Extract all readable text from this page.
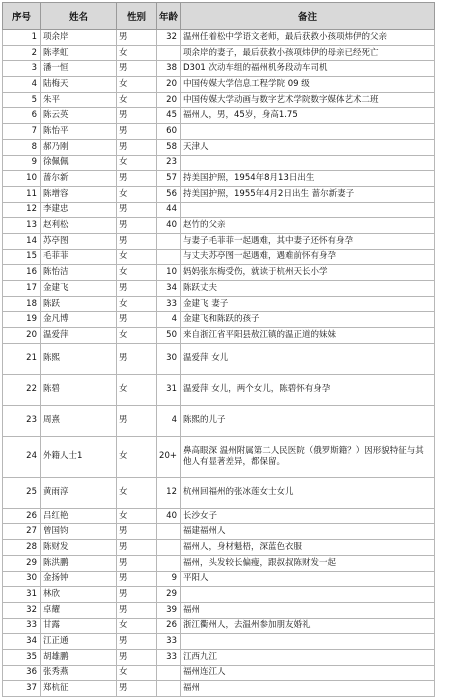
序号	姓名	性别	年龄	备注
1	项余岸	男	32	温州任着松中学语文老师，最后获救小孩项炜伊的父亲
2	陈孝虹	女		项余岸的妻子，最后获救小孩项炜伊的母亲已经死亡
3	潘一恒	男	38	D301 次动车组的福州机务段动车司机
4	陆梅天	女	20	中国传媒大学信息工程学院 09 级
5	朱平	女	20	中国传媒大学动画与数字艺术学院数字媒体艺术二班
6	陈云英	男	45	福州人，男，45岁，身高1.75
7	陈怡平	男	60	
8	郝乃刚	男	58	天津人
9	徐佩佩	女	23	
10	蔷尔新	男	57	持美国护照，1954年8月13日出生
11	陈增容	女	56	持美国护照，1955年4月2日出生 蔷尔新妻子
12	李建忠	男	44	
13	赵利松	男	40	赵竹的父亲
14	苏亭图	男		与妻子毛菲菲一起遇难，其中妻子还怀有身孕
15	毛菲菲	女		与丈夫苏亭图一起遇难，遇难前怀有身孕
16	陈怡洁	女	10	妈妈张东梅受伤，就读于杭州天长小学
17	金建飞	男	34	陈跃丈夫
18	陈跃	女	33	金建飞 妻子
19	金凡博	男	4	金建飞和陈跃的孩子
20	温爱萍	女	50	来自浙江省平阳县敖江镇的温正道的妹妹
21	陈熙	男	30	温爱萍 女儿
22	陈碧	女	31	温爱萍 女儿，两个女儿，陈碧怀有身孕
23	周熹	男	4	陈熙的儿子
24	外籍人士1	女	20+	鼻高眼深 温州附属第二人民医院（俄罗斯籍？）因形貌特征与其他人有显著差异，都保留。
25	黄雨淳	女	12	杭州回福州的张冰莲女士女儿
26	吕红艳	女	40	长沙女子
27	曾国钧	男		福建福州人
28	陈财发	男		福州人，身材魁梧，深蓝色衣服
29	陈洪鹏	男		福州，头发较长偏瘦，跟叔叔陈财发一起
30	金扬钟	男	9	平阳人
31	林欣	男	29	
32	卓耀	男	39	福州
33	甘露	女	26	浙江衢州人，去温州参加朋友婚礼
34	江正通	男	33	
35	胡雄鹏	男	33	江西九江
36	张秀燕	女		福州连江人
37	郑杭征	男		福州
